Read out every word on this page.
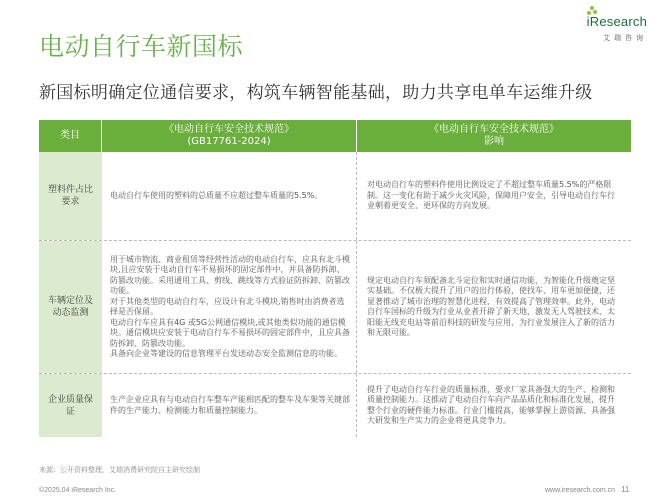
iResearch
艾瑞咨询
电动自行车新国标
新国标明确定位通信要求，构筑车辆智能基础，助力共享电单车运维升级
类目
《电动自行车安全技术规范》
(GB17761-2024)
《电动自行车安全技术规范》
影响
塑料件占比要求

电动自行车使用的塑料的总质量不应超过整车质量的5.5%。

对电动自行车的塑料件使用比例设定了不超过整车质量5.5%的严格限制。这一变化有助于减少火灾风险，保障用户安全，引导电动自行车行业朝着更安全、更环保的方向发展。

车辆定位及动态监测

用于城市物流、商业租赁等经营性活动的电动自行车，应具有北斗模块,且应安装于电动自行车不易损坏的固定部件中，并具备防拆卸、防篡改功能。采用通用工具、剪线、跳线等方式验证防拆卸、防篡改功能。

对于其他类型的电动自行车，应设计有北斗模块,销售时由消费者选择是否保留。

电动自行车应具有4G 或5G公网通信模块,或其他类似功能的通信模块。通信模块应安装于电动自行车不易损坏的固定部件中，且应具备防拆卸、防篡改功能。

具备向企业等建设的信息管理平台发送动态安全监测信息的功能。

规定电动自行车须配备北斗定位和实时通信功能，为智能化升级奠定坚实基础。不仅极大提升了用户的出行体验，使找车、用车更加便捷，还显著推动了城市治理的智慧化进程，有效提高了管理效率。此外，电动自行车国标的升级为行业从业者开辟了新天地，激发无人驾驶技术、太阳能无线充电站等前沿科技的研发与应用，为行业发展注入了新的活力和无限可能。

企业质量保证

生产企业应具有与电动自行车整车产能相匹配的整车及车架等关键部件的生产能力、检测能力和质量控制能力。

提升了电动自行车行业的质量标准，要求厂家具备强大的生产、检测和质量控制能力。这推动了电动自行车向产品品质化和标准化发展，提升整个行业的硬件能力标准。行业门槛提高，能够掌握上游资源、具备强大研发和生产实力的企业将更具竞争力。

来源：公开资料整理，艾瑞消费研究院自主研究绘制
©2025.04 iResearch Inc.	www.iresearch.com.cn 11
